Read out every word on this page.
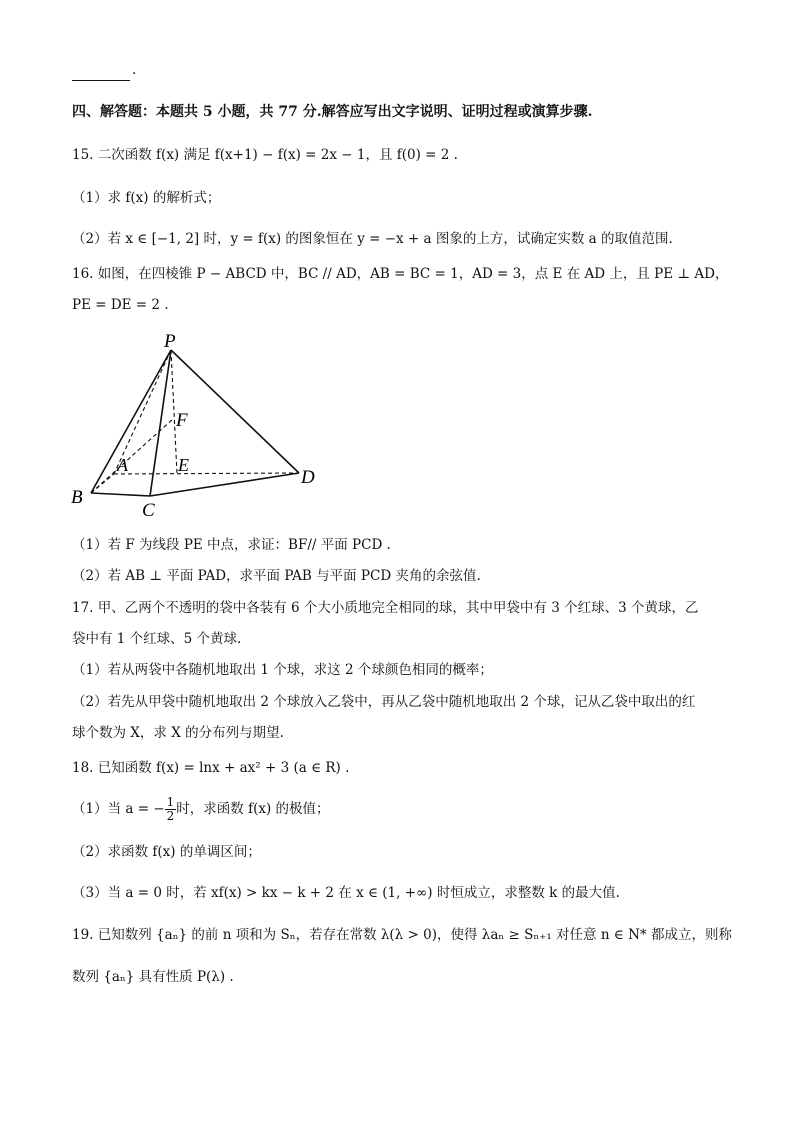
.
四、解答题：本题共 5 小题，共 77 分.解答应写出文字说明、证明过程或演算步骤.
15. 二次函数 f(x) 满足 f(x+1) − f(x) = 2x − 1，且 f(0) = 2 .
（1）求 f(x) 的解析式；
（2）若 x ∈ [−1, 2] 时，y = f(x) 的图象恒在 y = −x + a 图象的上方，试确定实数 a 的取值范围.
16. 如图，在四棱锥 P − ABCD 中，BC // AD，AB = BC = 1，AD = 3，点 E 在 AD 上，且 PE ⊥ AD，
PE = DE = 2 .
P
F
A	E
B
C
D
（1）若 F 为线段 PE 中点，求证：BF// 平面 PCD .
（2）若 AB ⊥ 平面 PAD，求平面 PAB 与平面 PCD 夹角的余弦值.
17. 甲、乙两个不透明的袋中各装有 6 个大小质地完全相同的球，其中甲袋中有 3 个红球、3 个黄球，乙
袋中有 1 个红球、5 个黄球.
（1）若从两袋中各随机地取出 1 个球，求这 2 个球颜色相同的概率；
（2）若先从甲袋中随机地取出 2 个球放入乙袋中，再从乙袋中随机地取出 2 个球，记从乙袋中取出的红
球个数为 X，求 X 的分布列与期望.
18. 已知函数 f(x) = lnx + ax² + 3 (a ∈ R) .
（1）当 a = − $\frac{1}{2}$ 时，求函数 f(x) 的极值；
（2）求函数 f(x) 的单调区间；
（3）当 a = 0 时，若 xf(x) > kx − k + 2 在 x ∈ (1, +∞) 时恒成立，求整数 k 的最大值.
19. 已知数列 {aₙ} 的前 n 项和为 Sₙ，若存在常数 λ(λ > 0)，使得 λaₙ ≥ Sₙ₊₁ 对任意 n ∈ N* 都成立，则称
数列 {aₙ} 具有性质 P(λ) .
